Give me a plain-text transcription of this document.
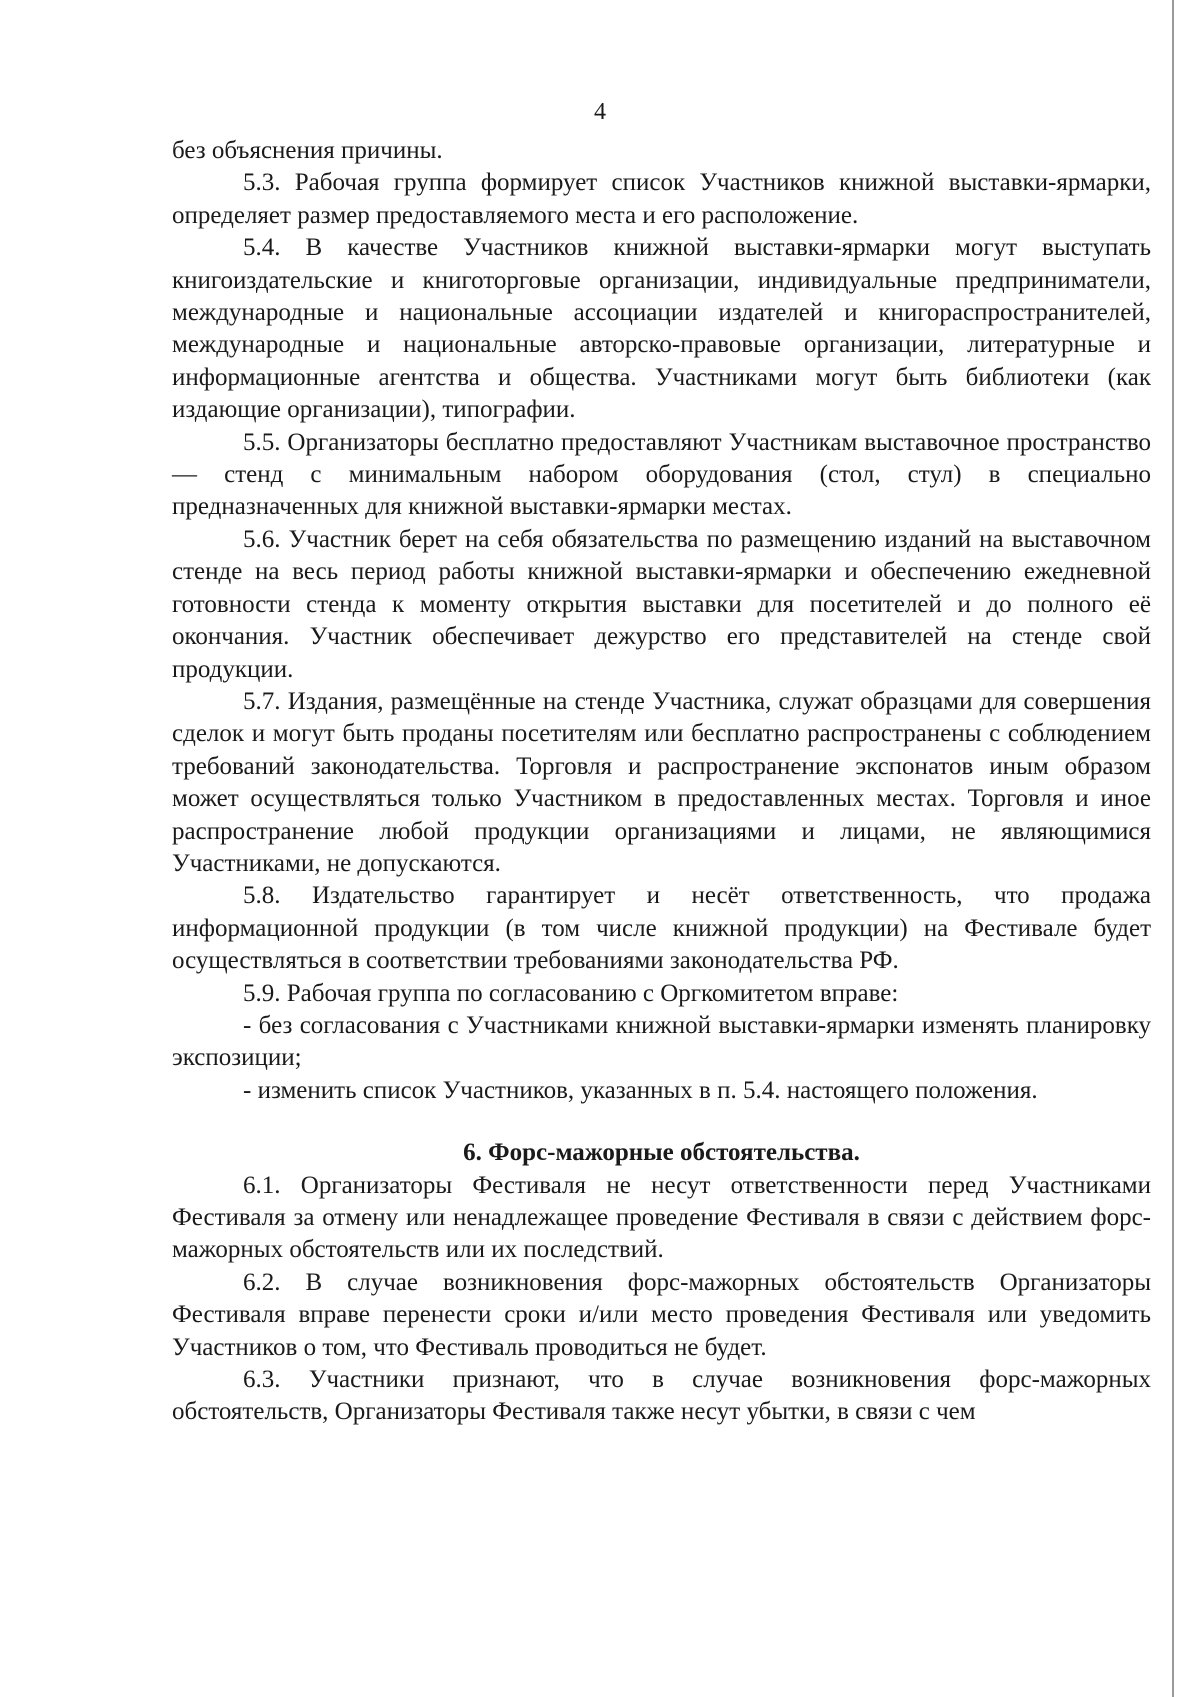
4

без объяснения причины.

5.3. Рабочая группа формирует список Участников книжной выставки-ярмарки, определяет размер предоставляемого места и его расположение.

5.4. В качестве Участников книжной выставки-ярмарки могут выступать книгоиздательские и книготорговые организации, индивидуальные предприниматели, международные и национальные ассоциации издателей и книгораспространителей, международные и национальные авторско-правовые организации, литературные и информационные агентства и общества. Участниками могут быть библиотеки (как издающие организации), типографии.

5.5. Организаторы бесплатно предоставляют Участникам выставочное пространство — стенд с минимальным набором оборудования (стол, стул) в специально предназначенных для книжной выставки-ярмарки местах.

5.6. Участник берет на себя обязательства по размещению изданий на выставочном стенде на весь период работы книжной выставки-ярмарки и обеспечению ежедневной готовности стенда к моменту открытия выставки для посетителей и до полного её окончания. Участник обеспечивает дежурство его представителей на стенде свой продукции.

5.7. Издания, размещённые на стенде Участника, служат образцами для совершения сделок и могут быть проданы посетителям или бесплатно распространены с соблюдением требований законодательства. Торговля и распространение экспонатов иным образом может осуществляться только Участником в предоставленных местах. Торговля и иное распространение любой продукции организациями и лицами, не являющимися Участниками, не допускаются.

5.8. Издательство гарантирует и несёт ответственность, что продажа информационной продукции (в том числе книжной продукции) на Фестивале будет осуществляться в соответствии требованиями законодательства РФ.

5.9. Рабочая группа по согласованию с Оргкомитетом вправе:

- без согласования с Участниками книжной выставки-ярмарки изменять планировку экспозиции;

- изменить список Участников, указанных в п. 5.4. настоящего положения.

6. Форс-мажорные обстоятельства.

6.1. Организаторы Фестиваля не несут ответственности перед Участниками Фестиваля за отмену или ненадлежащее проведение Фестиваля в связи с действием форс-мажорных обстоятельств или их последствий.

6.2. В случае возникновения форс-мажорных обстоятельств Организаторы Фестиваля вправе перенести сроки и/или место проведения Фестиваля или уведомить Участников о том, что Фестиваль проводиться не будет.

6.3. Участники признают, что в случае возникновения форс-мажорных обстоятельств, Организаторы Фестиваля также несут убытки, в связи с чем
